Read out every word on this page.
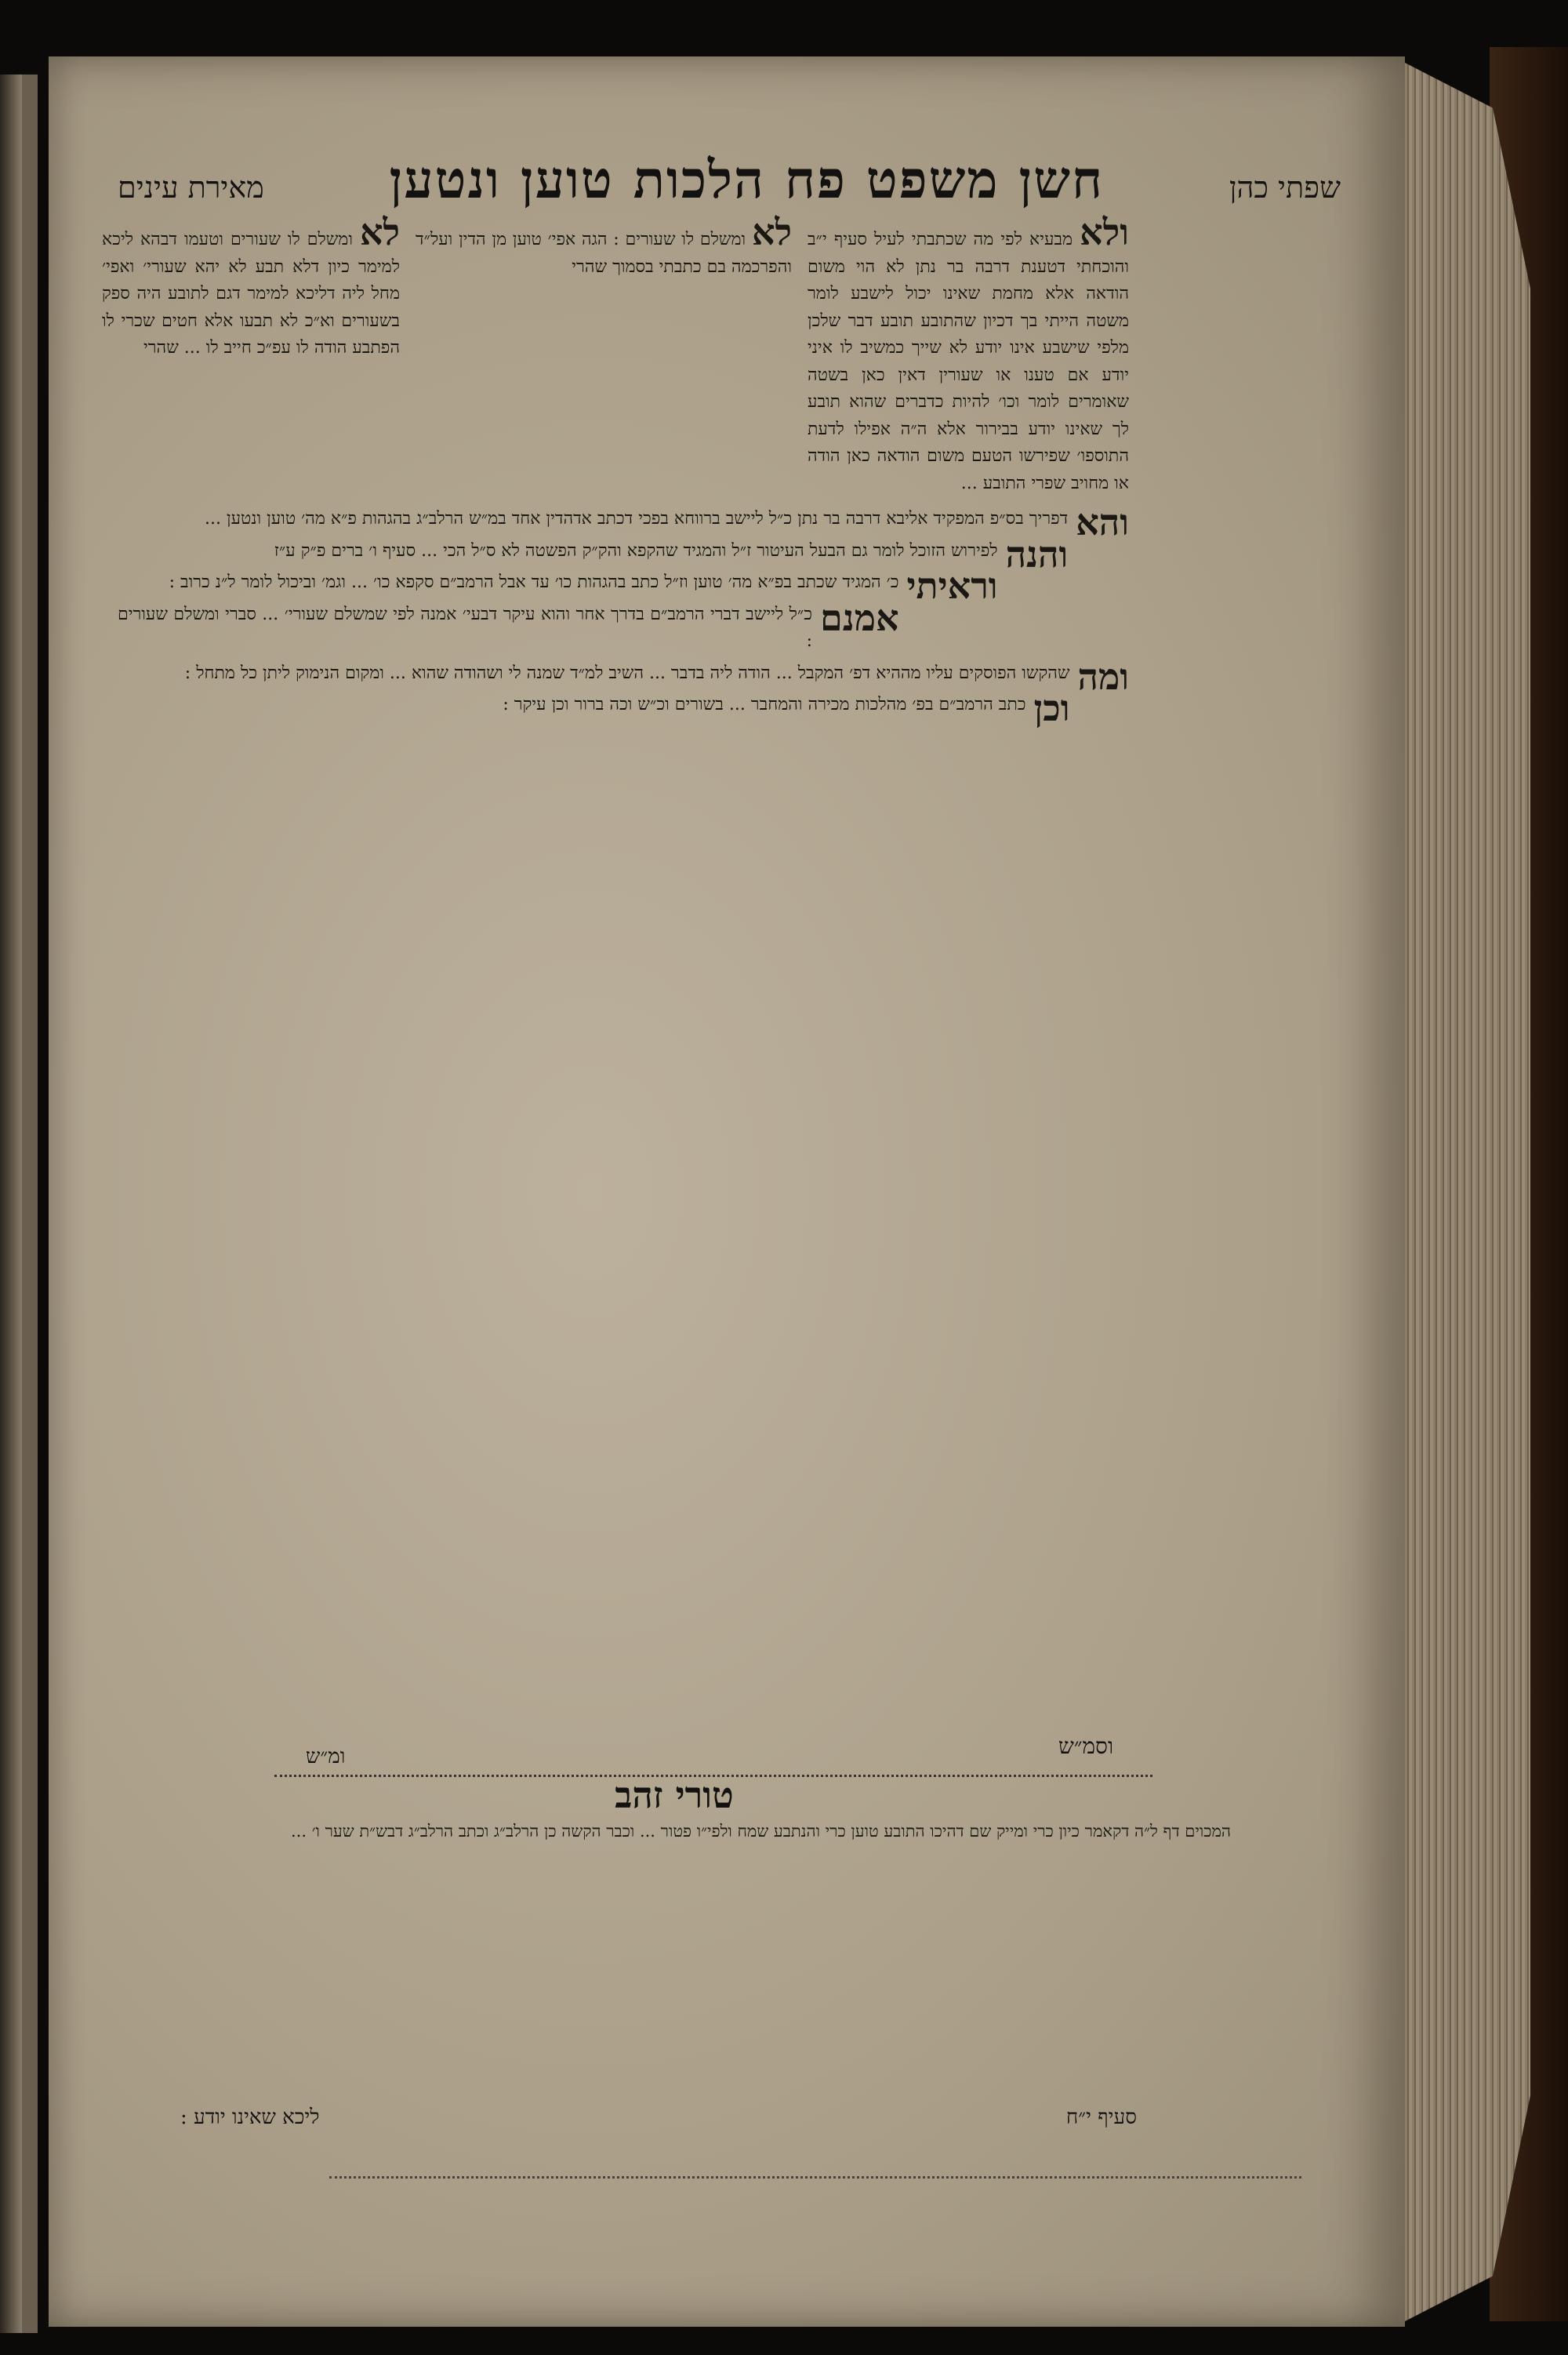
שפתי כהן
חשן משפט פח הלכות טוען ונטען
מאירת עינים
ולא מבעיא לפי מה שכתבתי לעיל סעיף י״ב והוכחתי דטענת דרבה בר נתן לא הוי משום הודאה אלא מחמת שאינו יכול לישבע לומר משטה הייתי בך דכיון שהתובע תובע דבר שלכן מלפי שישבע אינו יודע לא שייך כמשיב לו איני יודע אם טענו או שעורין דאין כאן בשטה שאומרים לומר וכו׳ להיות כדברים שהוא תובע לך שאינו יודע בבירור אלא ה״ה אפילו לדעת התוספו׳ שפירשו הטעם משום הודאה כאן הודה או מחויב שפרי התובע ...
לא ומשלם לו שעורים : הגה אפי׳ טוען מן הדין ועל״ד והפרכמה בם כתבתי בסמוך שהרי
לא ומשלם לו שעורים וטעמו דבהא ליכא למימר כיון דלא תבע לא יהא שעורי׳ ואפי׳ מחל ליה דליכא למימר דגם לתובע היה ספק בשעורים וא״כ לא תבעו אלא חטים שכרי לו הפתבע הודה לו עפ״כ חייב לו ... שהרי

והא
דפריך בס״פ המפקיד אליבא דרבה בר נתן כ״ל ליישב ברווחא בפכי דכתב אדהדין אחד במ״ש הרלב״ג בהגהות פ״א מה׳ טוען ונטען ...

והנה
לפירוש הזוכל לומר גם הבעל העיטור ז״ל והמגיד שהקפא והק״ק הפשטה לא ס״ל הכי ... סעיף ו׳ ברים פ״ק ע״ז

וראיתי
כ׳ המגיד שכתב בפ״א מה׳ טוען וז״ל כתב בהגהות כו׳ עד אבל הרמב״ם סקפא כו׳ ... וגמ׳ וביכול לומר ל״נ כרוב :

אמנם
כ״ל ליישב דברי הרמב״ם בדרך אחר והוא עיקר דבעי׳ אמנה לפי שמשלם שעורי׳ ... סברי ומשלם שעורים :

ומה
שהקשו הפוסקים עליו מההיא דפ׳ המקבל ... הודה ליה בדבר ... השיב למ״ד שמנה לי ושהודה שהוא ... ומקום הנימוק ליתן כל מתחל :

וכן
כתב הרמב״ם בפ׳ מהלכות מכירה והמחבר ... בשורים וכ״ש וכה ברור וכן עיקר :

וסמ״ש
ומ״ש
טורי זהב
המכוים דף ל״ה דקאמר כיון כרי ומייק שם דהיכו התובע טוען כרי והנתבע שמח ולפי״ו פטור ... וכבר הקשה כן הרלב״ג וכתב הרלב״ג דבש״ת שער ו׳ ...
סעיף י״ח
ליכא שאינו יודע :
